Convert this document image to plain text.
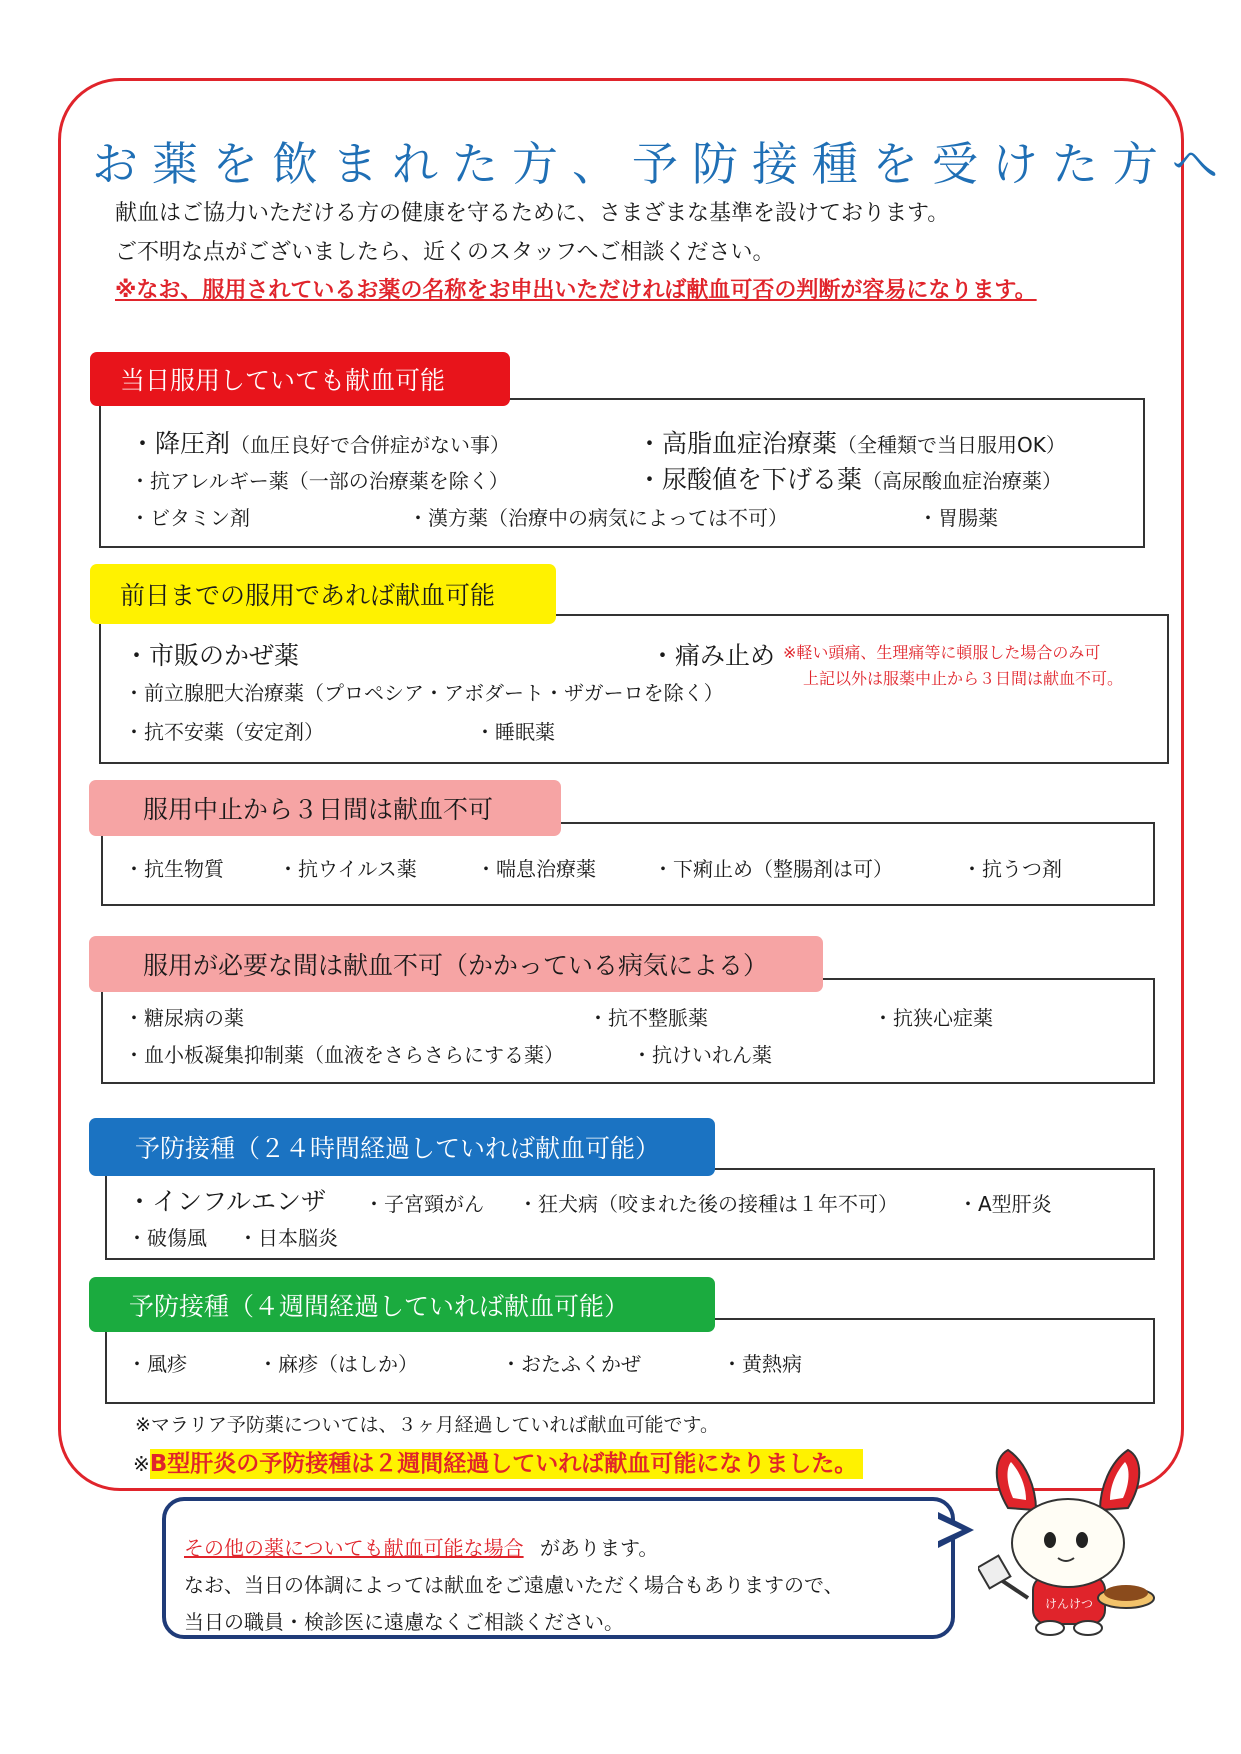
お薬を飲まれた方、予防接種を受けた方へ
献血はご協力いただける方の健康を守るために、さまざまな基準を設けております。
ご不明な点がございましたら、近くのスタッフへご相談ください。
※なお、服用されているお薬の名称をお申出いただければ献血可否の判断が容易になります。
当日服用していても献血可能
・降圧剤（血圧良好で合併症がない事）	・高脂血症治療薬（全種類で当日服用OK）
・抗アレルギー薬（一部の治療薬を除く）	・尿酸値を下げる薬（高尿酸血症治療薬）
・ビタミン剤	・漢方薬（治療中の病気によっては不可）	・胃腸薬
前日までの服用であれば献血可能
・市販のかぜ薬	・痛み止め ※軽い頭痛、生理痛等に頓服した場合のみ可
・前立腺肥大治療薬（プロペシア・アボダート・ザガーロを除く）
上記以外は服薬中止から３日間は献血不可。
・抗不安薬（安定剤）	・睡眠薬
服用中止から３日間は献血不可
・抗生物質	・抗ウイルス薬	・喘息治療薬	・下痢止め（整腸剤は可）	・抗うつ剤
服用が必要な間は献血不可（かかっている病気による）
・糖尿病の薬	・抗不整脈薬	・抗狭心症薬
・血小板凝集抑制薬（血液をさらさらにする薬）	・抗けいれん薬
予防接種（２４時間経過していれば献血可能）
・インフルエンザ ・子宮頸がん ・狂犬病（咬まれた後の接種は１年不可）	・A型肝炎
・破傷風 ・日本脳炎
予防接種（４週間経過していれば献血可能）
・風疹	・麻疹（はしか）	・おたふくかぜ	・黄熱病
※マラリア予防薬については、３ヶ月経過していれば献血可能です。
※B型肝炎の予防接種は２週間経過していれば献血可能になりました。
その他の薬についても献血可能な場合 があります。
なお、当日の体調によっては献血をご遠慮いただく場合もありますので、
当日の職員・検診医に遠慮なくご相談ください。
けんけつ
